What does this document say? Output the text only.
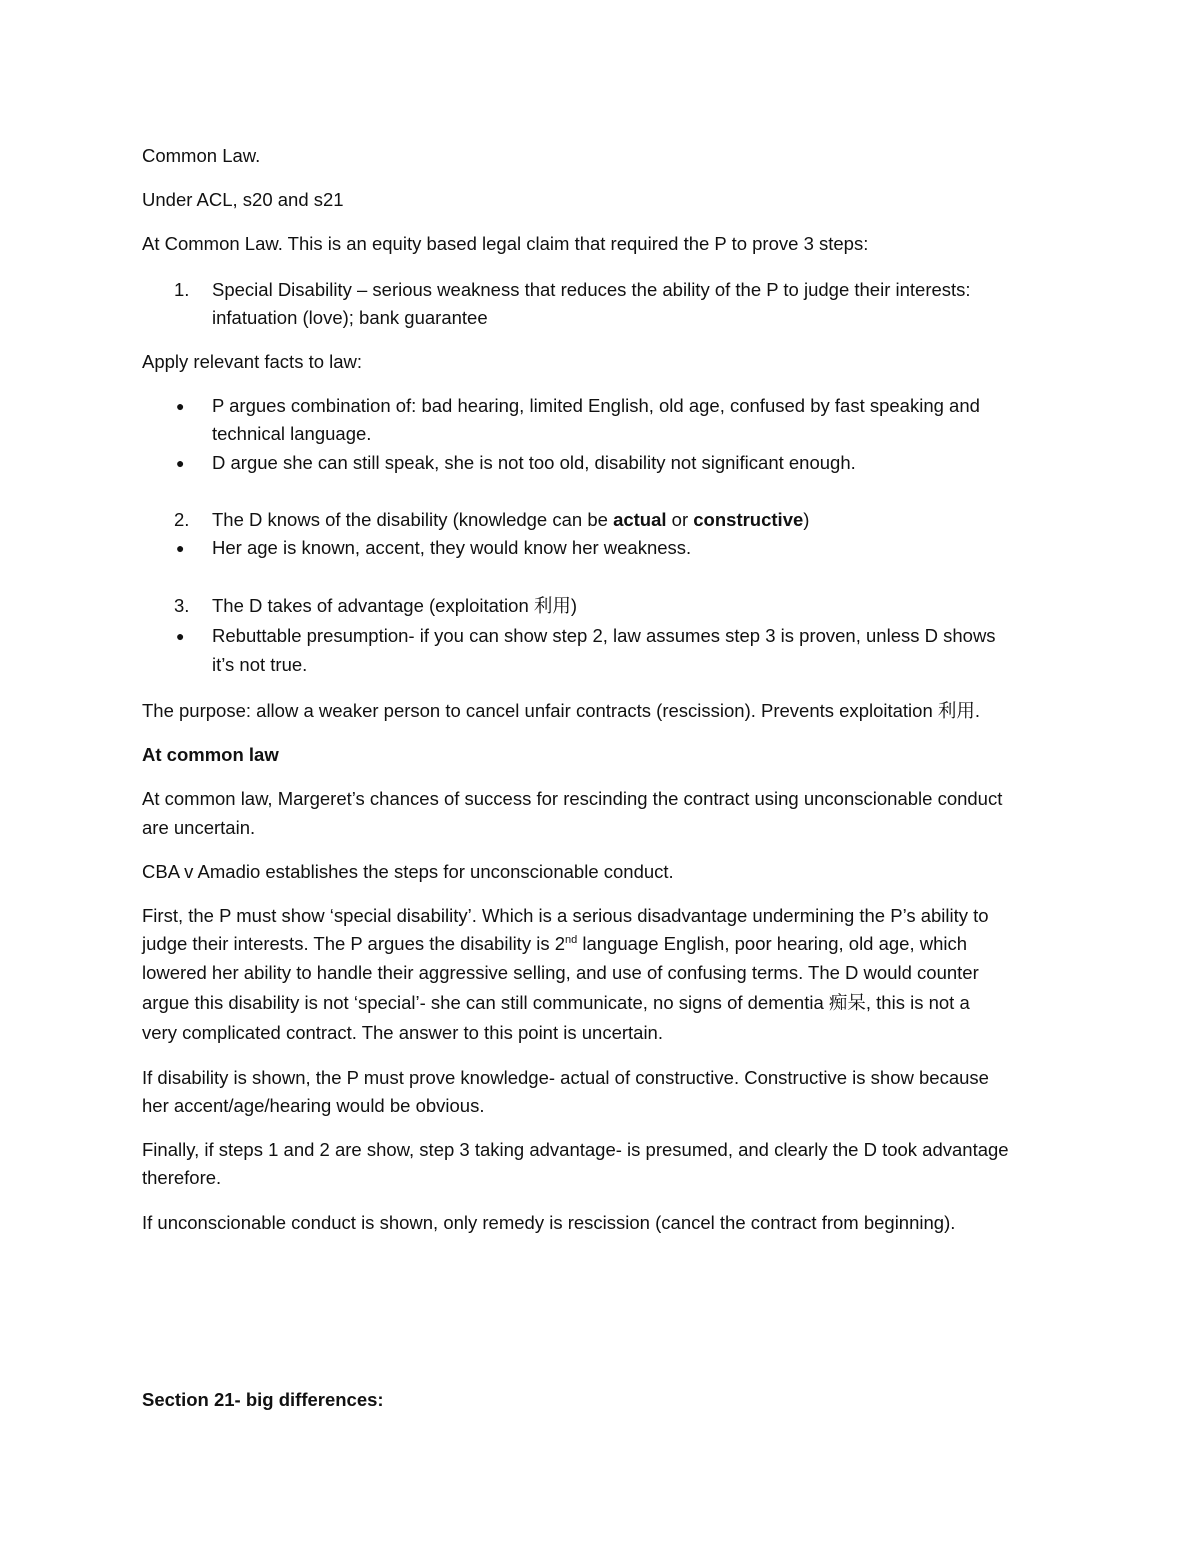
Common Law.

Under ACL, s20 and s21

At Common Law. This is an equity based legal claim that required the P to prove 3 steps:

1. Special Disability – serious weakness that reduces the ability of the P to judge their interests:

infatuation (love); bank guarantee

Apply relevant facts to law:

● P argues combination of: bad hearing, limited English, old age, confused by fast speaking and

technical language.

● D argue she can still speak, she is not too old, disability not significant enough.

2. The D knows of the disability (knowledge can be actual or constructive)

● Her age is known, accent, they would know her weakness.

3. The D takes of advantage (exploitation 利用)

● Rebuttable presumption- if you can show step 2, law assumes step 3 is proven, unless D shows

it’s not true.

The purpose: allow a weaker person to cancel unfair contracts (rescission). Prevents exploitation 利用.

At common law

At common law, Margeret’s chances of success for rescinding the contract using unconscionable conduct

are uncertain.

CBA v Amadio establishes the steps for unconscionable conduct.

First, the P must show ‘special disability’. Which is a serious disadvantage undermining the P’s ability to

judge their interests. The P argues the disability is 2nd language English, poor hearing, old age, which

lowered her ability to handle their aggressive selling, and use of confusing terms. The D would counter

argue this disability is not ‘special’- she can still communicate, no signs of dementia 痴呆, this is not a

very complicated contract. The answer to this point is uncertain.

If disability is shown, the P must prove knowledge- actual of constructive. Constructive is show because

her accent/age/hearing would be obvious.

Finally, if steps 1 and 2 are show, step 3 taking advantage- is presumed, and clearly the D took advantage

therefore.

If unconscionable conduct is shown, only remedy is rescission (cancel the contract from beginning).

Section 21- big differences:
